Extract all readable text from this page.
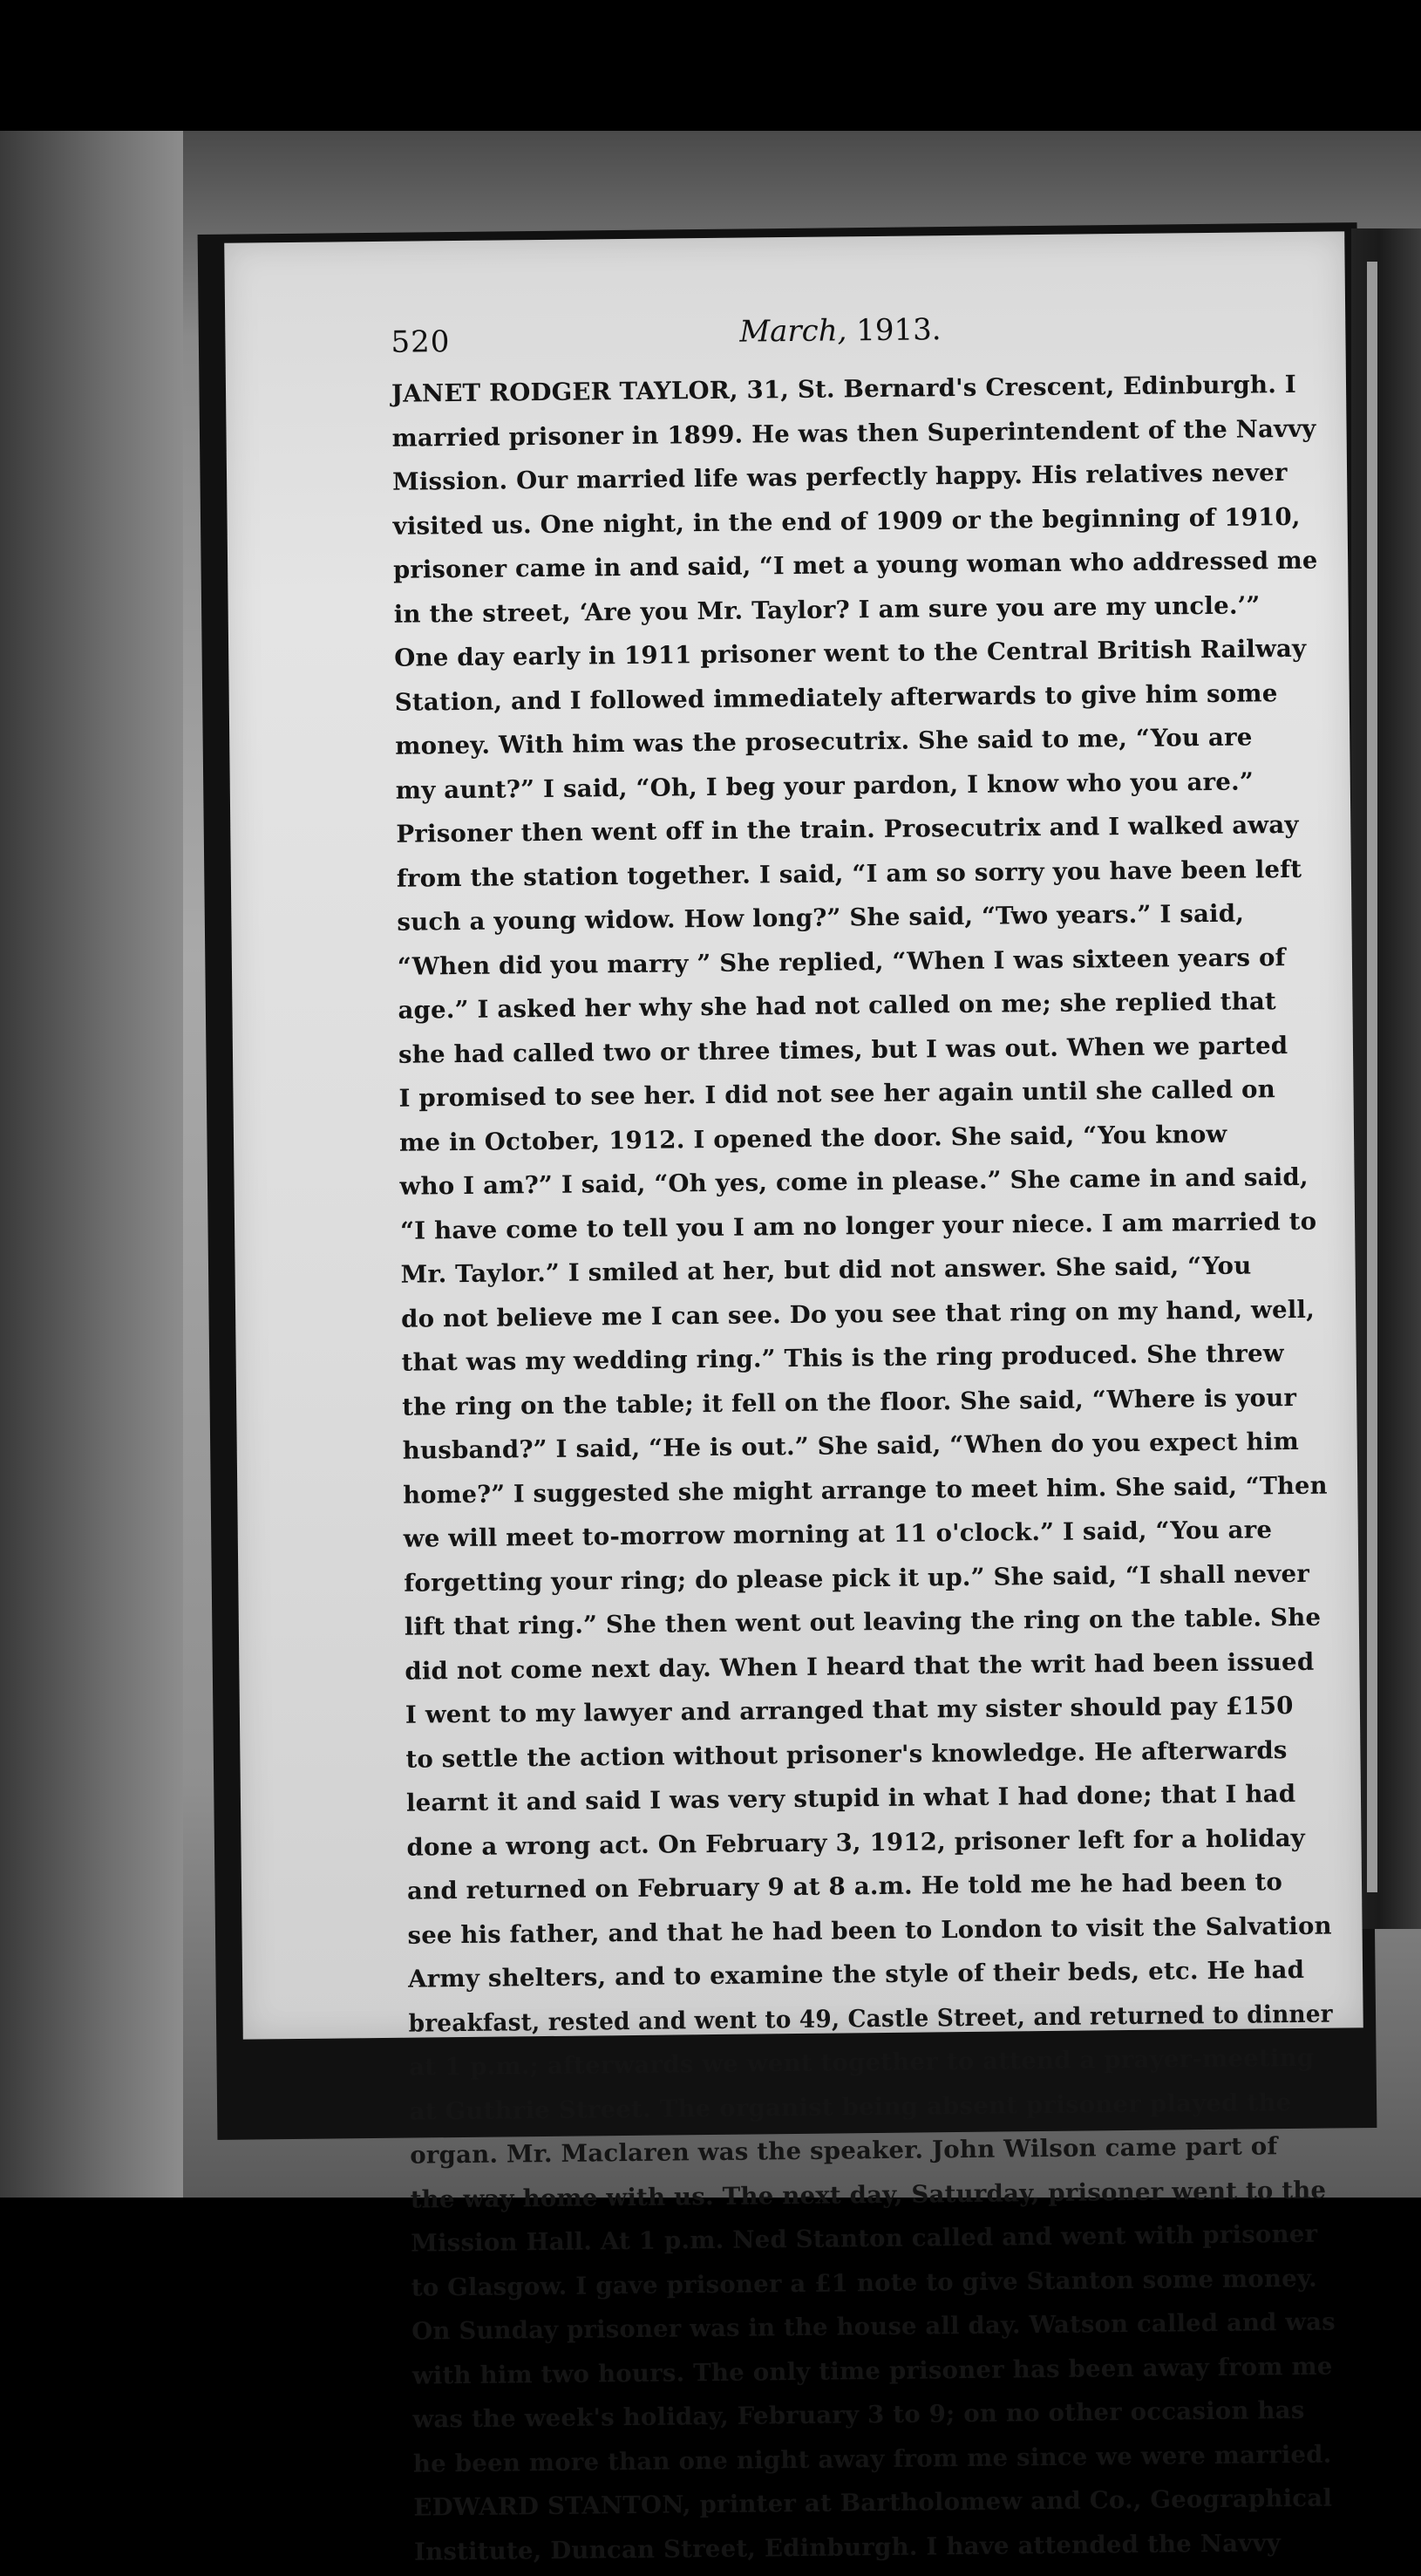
520	March, 1913.
JANET RODGER TAYLOR, 31, St. Bernard's Crescent, Edinburgh. I
married prisoner in 1899. He was then Superintendent of the Navvy
Mission. Our married life was perfectly happy. His relatives never
visited us. One night, in the end of 1909 or the beginning of 1910,
prisoner came in and said, “I met a young woman who addressed me
in the street, ‘Are you Mr. Taylor? I am sure you are my uncle.’”
One day early in 1911 prisoner went to the Central British Railway
Station, and I followed immediately afterwards to give him some
money. With him was the prosecutrix. She said to me, “You are
my aunt?” I said, “Oh, I beg your pardon, I know who you are.”
Prisoner then went off in the train. Prosecutrix and I walked away
from the station together. I said, “I am so sorry you have been left
such a young widow. How long?” She said, “Two years.” I said,
“When did you marry ” She replied, “When I was sixteen years of
age.” I asked her why she had not called on me; she replied that
she had called two or three times, but I was out. When we parted
I promised to see her. I did not see her again until she called on
me in October, 1912. I opened the door. She said, “You know
who I am?” I said, “Oh yes, come in please.” She came in and said,
“I have come to tell you I am no longer your niece. I am married to
Mr. Taylor.” I smiled at her, but did not answer. She said, “You
do not believe me I can see. Do you see that ring on my hand, well,
that was my wedding ring.” This is the ring produced. She threw
the ring on the table; it fell on the floor. She said, “Where is your
husband?” I said, “He is out.” She said, “When do you expect him
home?” I suggested she might arrange to meet him. She said, “Then
we will meet to-morrow morning at 11 o'clock.” I said, “You are
forgetting your ring; do please pick it up.” She said, “I shall never
lift that ring.” She then went out leaving the ring on the table. She
did not come next day. When I heard that the writ had been issued
I went to my lawyer and arranged that my sister should pay £150
to settle the action without prisoner's knowledge. He afterwards
learnt it and said I was very stupid in what I had done; that I had
done a wrong act. On February 3, 1912, prisoner left for a holiday
and returned on February 9 at 8 a.m. He told me he had been to
see his father, and that he had been to London to visit the Salvation
Army shelters, and to examine the style of their beds, etc. He had
breakfast, rested and went to 49, Castle Street, and returned to dinner
at 1 p.m.; afterwards we went together to attend a prayer-meeting
at Guthrie Street. The organist being absent prisoner played the
organ. Mr. Maclaren was the speaker. John Wilson came part of
the way home with us. The next day, Saturday, prisoner went to the
Mission Hall. At 1 p.m. Ned Stanton called and went with prisoner
to Glasgow. I gave prisoner a £1 note to give Stanton some money.
On Sunday prisoner was in the house all day. Watson called and was
with him two hours. The only time prisoner has been away from me
was the week's holiday, February 3 to 9; on no other occasion has
he been more than one night away from me since we were married.
EDWARD STANTON, printer at Bartholomew and Co., Geographical
Institute, Duncan Street, Edinburgh. I have attended the Navvy
